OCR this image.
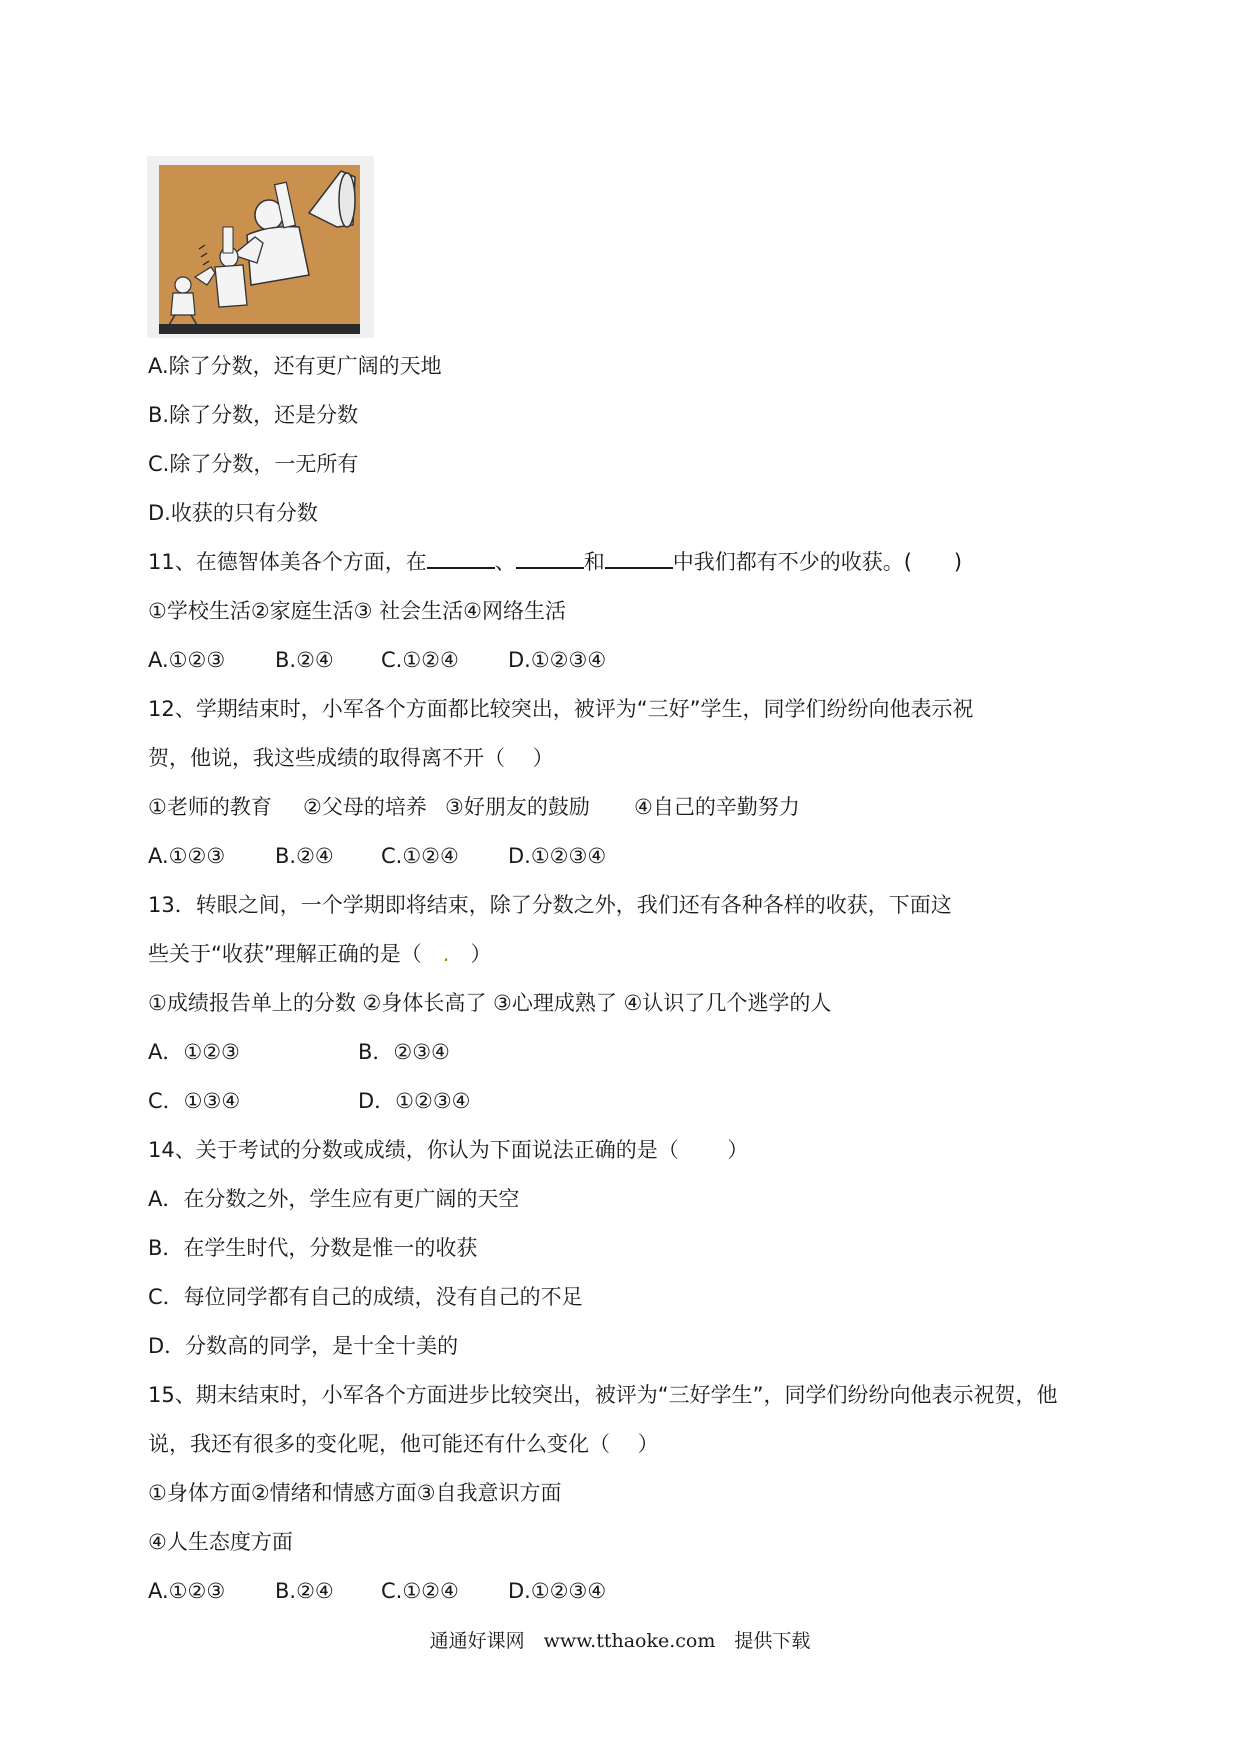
A.除了分数，还有更广阔的天地
B.除了分数，还是分数
C.除了分数，一无所有
D.收获的只有分数
11、在德智体美各个方面，在	、	和	中我们都有不少的收获。(　　)
①学校生活②家庭生活③ 社会生活④网络生活
A.①②③ B.②④ C.①②④ D.①②③④
12、学期结束时，小军各个方面都比较突出，被评为“三好”学生，同学们纷纷向他表示祝
贺，他说，我这些成绩的取得离不开（　 ）
①老师的教育 ②父母的培养 ③好朋友的鼓励 ④自己的辛勤努力
A.①②③ B.②④ C.①②④ D.①②③④
13．转眼之间，一个学期即将结束，除了分数之外，我们还有各种各样的收获，下面这
些关于“收获”理解正确的是（　.　）
①成绩报告单上的分数 ②身体长高了 ③心理成熟了 ④认识了几个逃学的人
A．①②③	B．②③④
C．①③④	D．①②③④
14、关于考试的分数或成绩，你认为下面说法正确的是（　　 ）
A．在分数之外，学生应有更广阔的天空
B．在学生时代，分数是惟一的收获
C．每位同学都有自己的成绩，没有自己的不足
D．分数高的同学，是十全十美的
15、期末结束时，小军各个方面进步比较突出，被评为“三好学生”，同学们纷纷向他表示祝贺，他
说，我还有很多的变化呢，他可能还有什么变化（　 ）
①身体方面②情绪和情感方面③自我意识方面
④人生态度方面
A.①②③ B.②④ C.①②④ D.①②③④
通通好课网　www.tthaoke.com　提供下载
